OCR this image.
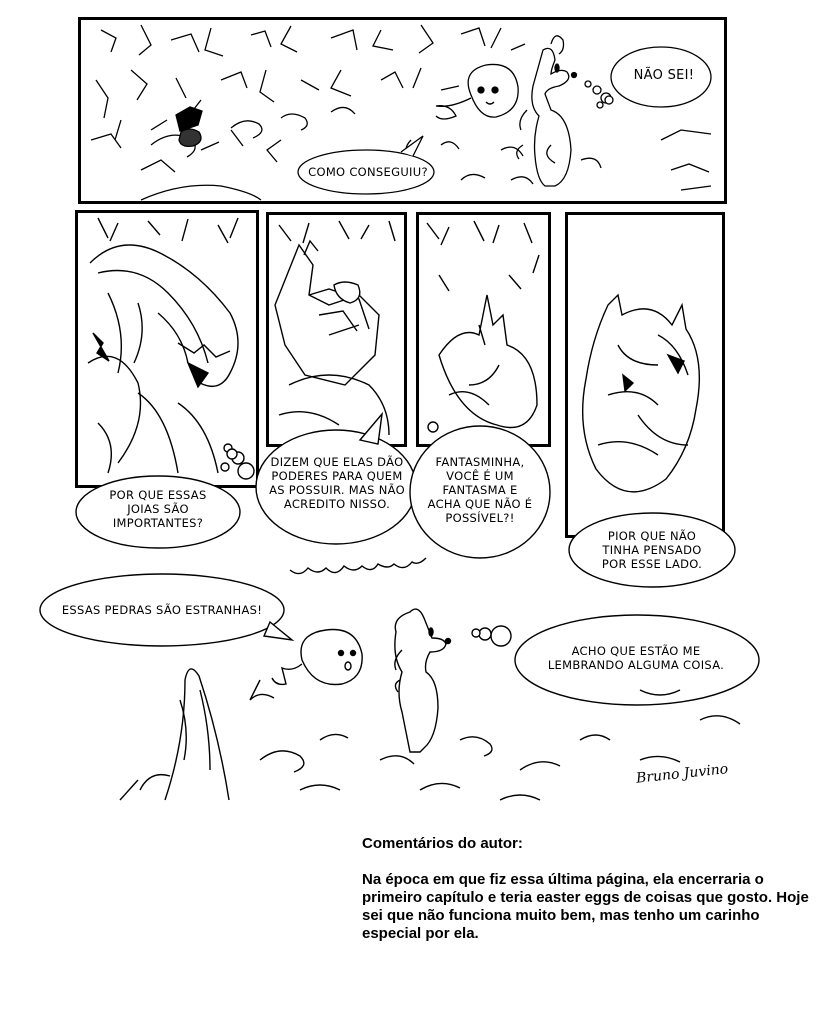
NÃO SEI!
COMO CONSEGUIU?
POR QUE ESSAS JOIAS SÃO IMPORTANTES?
DIZEM QUE ELAS DÃO PODERES PARA QUEM AS POSSUIR. MAS NÃO ACREDITO NISSO.
FANTASMINHA, VOCÊ É UM FANTASMA E ACHA QUE NÃO É POSSÍVEL?!
PIOR QUE NÃO TINHA PENSADO POR ESSE LADO.
ESSAS PEDRAS SÃO ESTRANHAS!
ACHO QUE ESTÃO ME LEMBRANDO ALGUMA COISA.
Bruno Juvino
Comentários do autor:
Na época em que fiz essa última página, ela encerraria o primeiro capítulo e teria easter eggs de coisas que gosto. Hoje sei que não funciona muito bem, mas tenho um carinho especial por ela.
